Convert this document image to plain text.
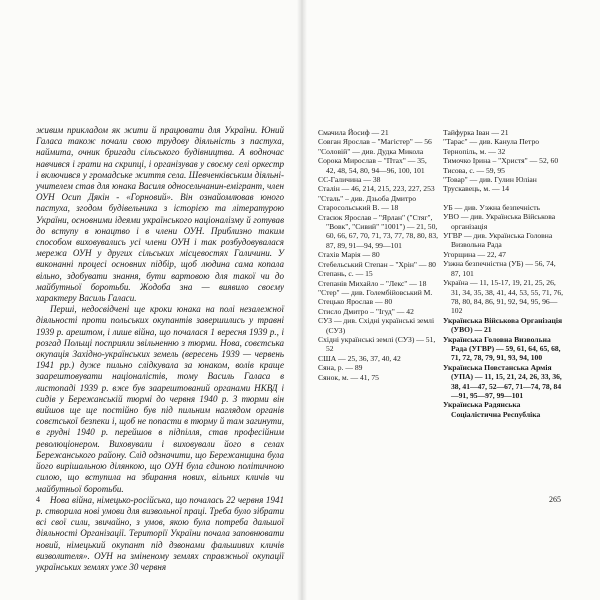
живим прикладом як жити й працювати для України. Юний Галаса також почали свою трудову діяльність з пастуха, наймита, очник бригади сільського будівництва. А водночас навчився і грати на скрипці, і організував у своєму селі оркестр і включився у громадське життя села. Шевченківським діяльні-учителем став для юнака Василя односельчанин-емігрант, член ОУН Осип Дякін - «Горновий». Він ознайомлював юного пастуха, згодом будівельника з історією та літературою України, основними ідеями українського націоналізму й готував до вступу в юнацтво і в члени ОУН. Приблизно таким способом виховувались усі члени ОУН і так розбудовувалася мережа ОУН у других сільських місцевостях Галичини. У виконанні процесі основних підбір, щоб людина сама копала вільно, здобувати знання, бути вартовою для такої чи до майбутньої боротьби. Жодоба зна — виявило своєму характеру Василь Галаси.

Перші, недосвідчені ще кроки юнака на полі незалежної діяльності проти польських окупантів завершились у травні 1939 р. арештом, і лише війна, що почалася 1 вересня 1939 р., і розгад Польщі посприяли звільненню з тюрми. Нова, совєтська окупація Західно-українських земель (вересень 1939 — червень 1941 рр.) дуже пильно слідкувала за юнаком, волів краще заарештовувати націоналістів, тому Василь Галаса в листопаді 1939 р. вже був заарештований органами НКВД і сидів у Бережанській тюрмі до червня 1940 р. З тюрми він вийшов ще ще постійно був під пильним наглядом органів совєтської безпеки і, щоб не попасти в тюрму й там загинути, в грудні 1940 р. перейшов в підпілля, став професійним революціонером. Виховували і виховували його в селах Бережанського району. Слід одзначити, що Бережанщина була його вирішальною ділянкою, що ОУН була єдиною політичною силою, що вступила на збирання нових, вільних кличів чи майбутньої боротьби.

Нова війна, німецько-російська, що почалась 22 червня 1941 р. створила нові умови для визвольної праці. Треба було зібрати всі свої сили, звичайно, з умов, якою була потреба дальшої діяльності Організації. Території України почала заповнювати новий, німецький окупант під дзвонами фальшивих кличів визволителя». ОУН на зміненому землях справжньої окупації українських землях уже 30 червня

4
Смачила Йосиф — 21
Совган Ярослав – "Магістер" — 56
"Соловій" — див. Дудка Микола
Сорока Мирослав – "Птах" — 35, 42, 48, 54, 80, 94—96, 100, 101
СС-Галичина — 38
Сталін — 46, 214, 215, 223, 227, 253
"Сталь" – див. Дзьоба Дмитро
Старосольський В. — 18
Стасюк Ярослав – "Ярлан" ("Стяг", "Вовк", "Сивий" "1001") — 21, 50, 60, 66, 67, 70, 71, 73, 77, 78, 80, 83, 87, 89, 91—94, 99—101
Стахів Марія — 80
Стебельський Степан – "Хрін" — 80
Степань, с. — 15
Степанів Михайло – "Лекс" — 18
"Стер" — див. Голембійовський М.
Стецько Ярослав — 80
Стисло Дмитро – "Ігуд" — 42
СУЗ — див. Східні українські землі (СУЗ)
Східні українські землі (СУЗ) — 51, 52
США — 25, 36, 37, 40, 42
Сяна, р. — 89
Сянок, м. — 41, 75
Тайфурка Іван — 21
"Тарас" — див. Канула Петро
Тернопіль, м. — 32
Тимочко Ірина – "Христя" — 52, 60
Тисова, с. — 59, 95
"Товар" — див. Гулин Юліан
Трускавець, м. — 14
УБ — див. Уэжна безпечність
УВО — див. Українська Військова організація
УГВР — див. Українська Головна Визвольна Рада
Угорщина — 22, 47
Узжна безпечністна (УБ) — 56, 74, 87, 101
Україна — 11, 15-17, 19, 21, 25, 26, 31, 34, 35, 38, 41, 44, 53, 55, 71, 76, 78, 80, 84, 86, 91, 92, 94, 95, 96—102
Українська Військова Організація (УВО) — 21
Українська Головна Визвольна Рада (УГВР) — 59, 61, 64, 65, 68, 71, 72, 78, 79, 91, 93, 94, 100
Українська Повстанська Армія (УПА) — 11, 15, 21, 24, 26, 33, 36, 38, 41—47, 52—67, 71—74, 78, 84—91, 95—97, 99—101
Українська Радянська Соціалістична Республіка
265
